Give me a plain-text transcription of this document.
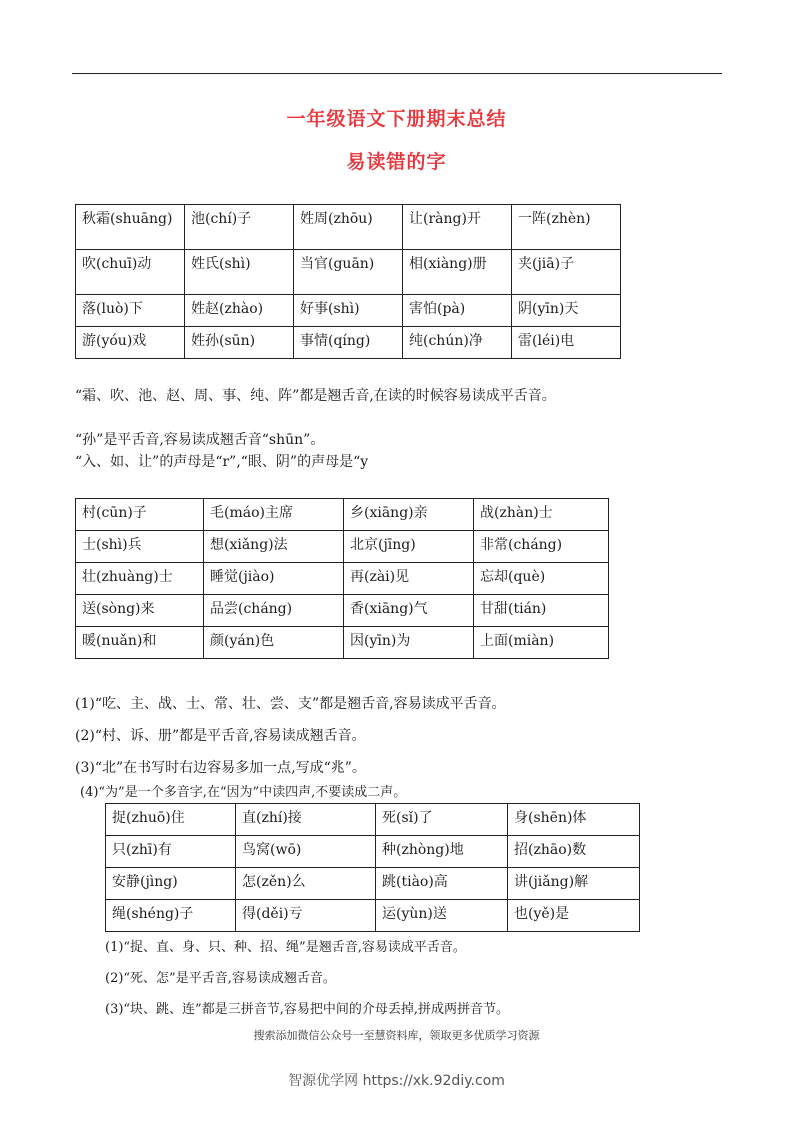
一年级语文下册期末总结
易读错的字
秋霜(shuāng)	池(chí)子	姓周(zhōu)	让(ràng)开	一阵(zhèn)
吹(chuī)动	姓氏(shì)	当官(guān)	相(xiàng)册	夹(jiā)子
落(luò)下	姓赵(zhào)	好事(shì)	害怕(pà)	阴(yīn)天
游(yóu)戏	姓孙(sūn)	事情(qíng)	纯(chún)净	雷(léi)电
“霜、吹、池、赵、周、事、纯、阵”都是翘舌音,在读的时候容易读成平舌音。
“孙”是平舌音,容易读成翘舌音“shūn”。
“入、如、让”的声母是“r”,“眼、阴”的声母是“y
村(cūn)子	毛(máo)主席	乡(xiāng)亲	战(zhàn)士
士(shì)兵	想(xiǎng)法	北京(jīng)	非常(cháng)
壮(zhuàng)士	睡觉(jiào)	再(zài)见	忘却(què)
送(sòng)来	品尝(cháng)	香(xiāng)气	甘甜(tián)
暖(nuǎn)和	颜(yán)色	因(yīn)为	上面(miàn)
(1)“吃、主、战、士、常、壮、尝、支”都是翘舌音,容易读成平舌音。
(2)“村、诉、册”都是平舌音,容易读成翘舌音。
(3)“北”在书写时右边容易多加一点,写成“兆”。
(4)“为”是一个多音字,在“因为”中读四声,不要读成二声。
捉(zhuō)住	直(zhí)接	死(sǐ)了	身(shēn)体
只(zhī)有	鸟窝(wō)	种(zhòng)地	招(zhāo)数
安静(jìng)	怎(zěn)么	跳(tiào)高	讲(jiǎng)解
绳(shéng)子	得(děi)亏	运(yùn)送	也(yě)是
(1)“捉、直、身、只、种、招、绳”是翘舌音,容易读成平舌音。
(2)“死、怎”是平舌音,容易读成翘舌音。
(3)“块、跳、连”都是三拼音节,容易把中间的介母丢掉,拼成两拼音节。
搜索添加微信公众号一至慧资料库，领取更多优质学习资源
智源优学网 https://xk.92diy.com
